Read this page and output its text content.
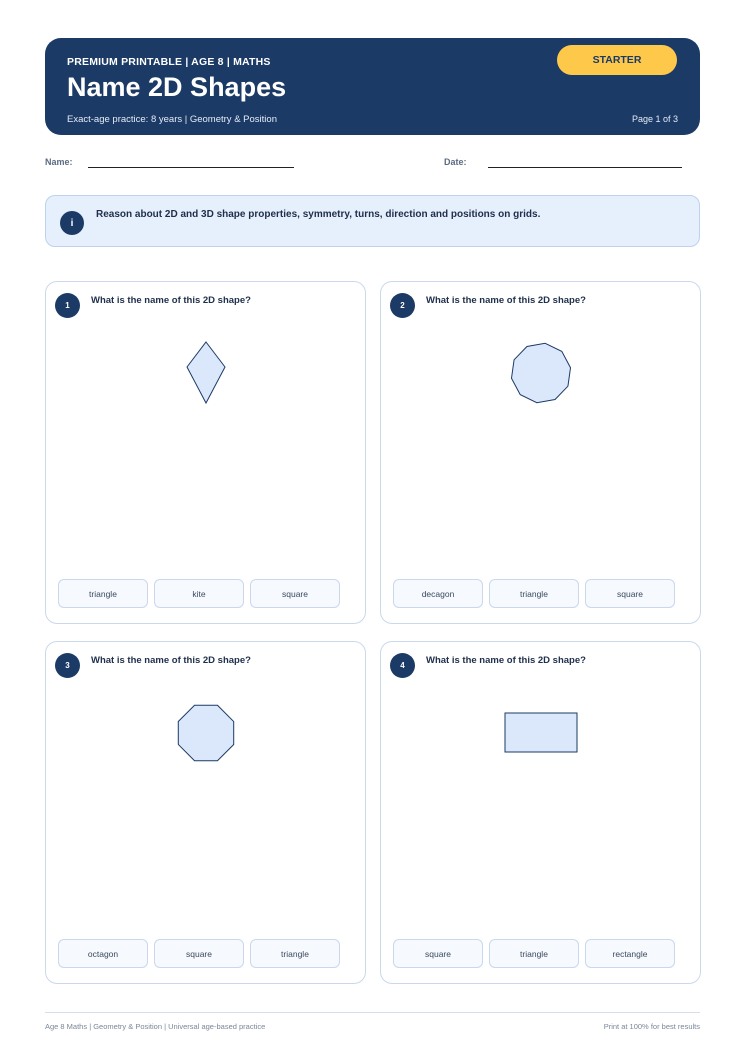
PREMIUM PRINTABLE | AGE 8 | MATHS
Name 2D Shapes
Exact-age practice: 8 years | Geometry & Position	Page 1 of 3
STARTER
Name:	Date:
i
Reason about 2D and 3D shape properties, symmetry, turns, direction and positions on grids.
1	What is the name of this 2D shape?
triangle	kite	square
2	What is the name of this 2D shape?
decagon	triangle	square
3	What is the name of this 2D shape?
octagon	square	triangle
4	What is the name of this 2D shape?
square	triangle	rectangle
Age 8 Maths | Geometry & Position | Universal age-based practice	Print at 100% for best results
